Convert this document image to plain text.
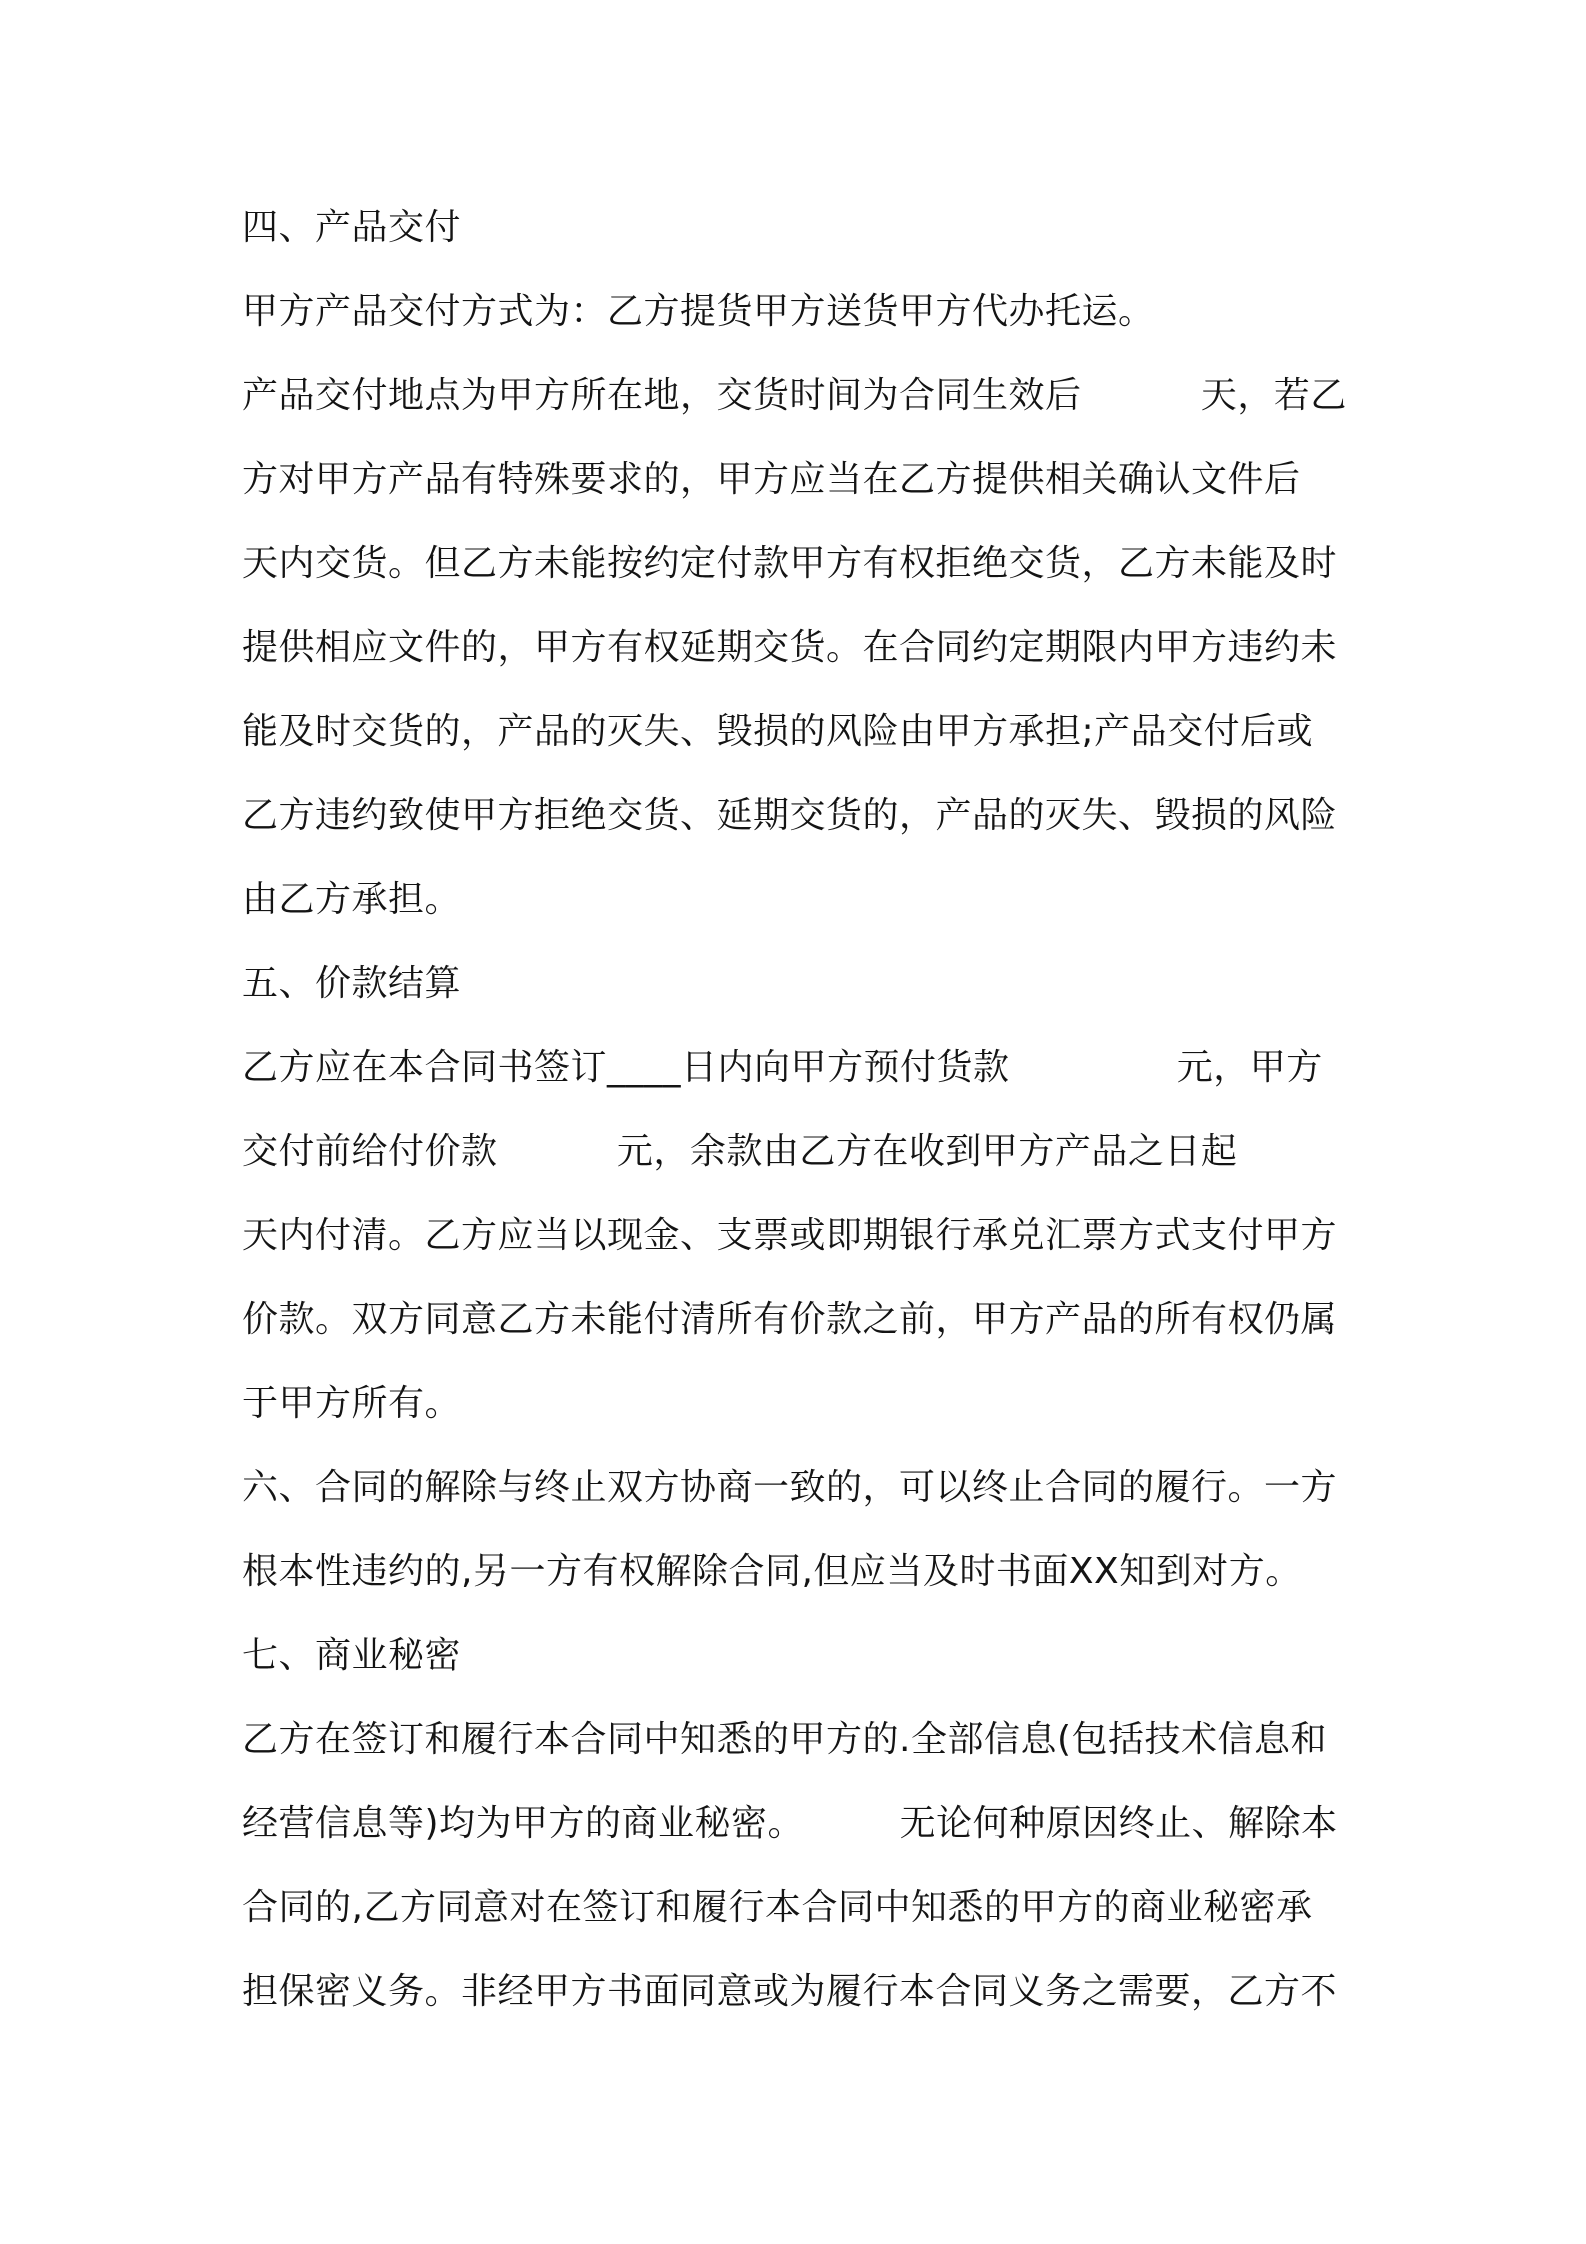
四、产品交付
甲方产品交付方式为：乙方提货甲方送货甲方代办托运。
产品交付地点为甲方所在地，交货时间为合同生效后          天，若乙
方对甲方产品有特殊要求的，甲方应当在乙方提供相关确认文件后
天内交货。但乙方未能按约定付款甲方有权拒绝交货，乙方未能及时
提供相应文件的，甲方有权延期交货。在合同约定期限内甲方违约未
能及时交货的，产品的灭失、毁损的风险由甲方承担;产品交付后或
乙方违约致使甲方拒绝交货、延期交货的，产品的灭失、毁损的风险
由乙方承担。
五、价款结算
乙方应在本合同书签订____日内向甲方预付货款              元，甲方
交付前给付价款          元，余款由乙方在收到甲方产品之日起
天内付清。乙方应当以现金、支票或即期银行承兑汇票方式支付甲方
价款。双方同意乙方未能付清所有价款之前，甲方产品的所有权仍属
于甲方所有。
六、合同的解除与终止双方协商一致的，可以终止合同的履行。一方
根本性违约的,另一方有权解除合同,但应当及时书面XX知到对方。
七、商业秘密
乙方在签订和履行本合同中知悉的甲方的.全部信息(包括技术信息和
经营信息等)均为甲方的商业秘密。        无论何种原因终止、解除本
合同的,乙方同意对在签订和履行本合同中知悉的甲方的商业秘密承
担保密义务。非经甲方书面同意或为履行本合同义务之需要，乙方不
